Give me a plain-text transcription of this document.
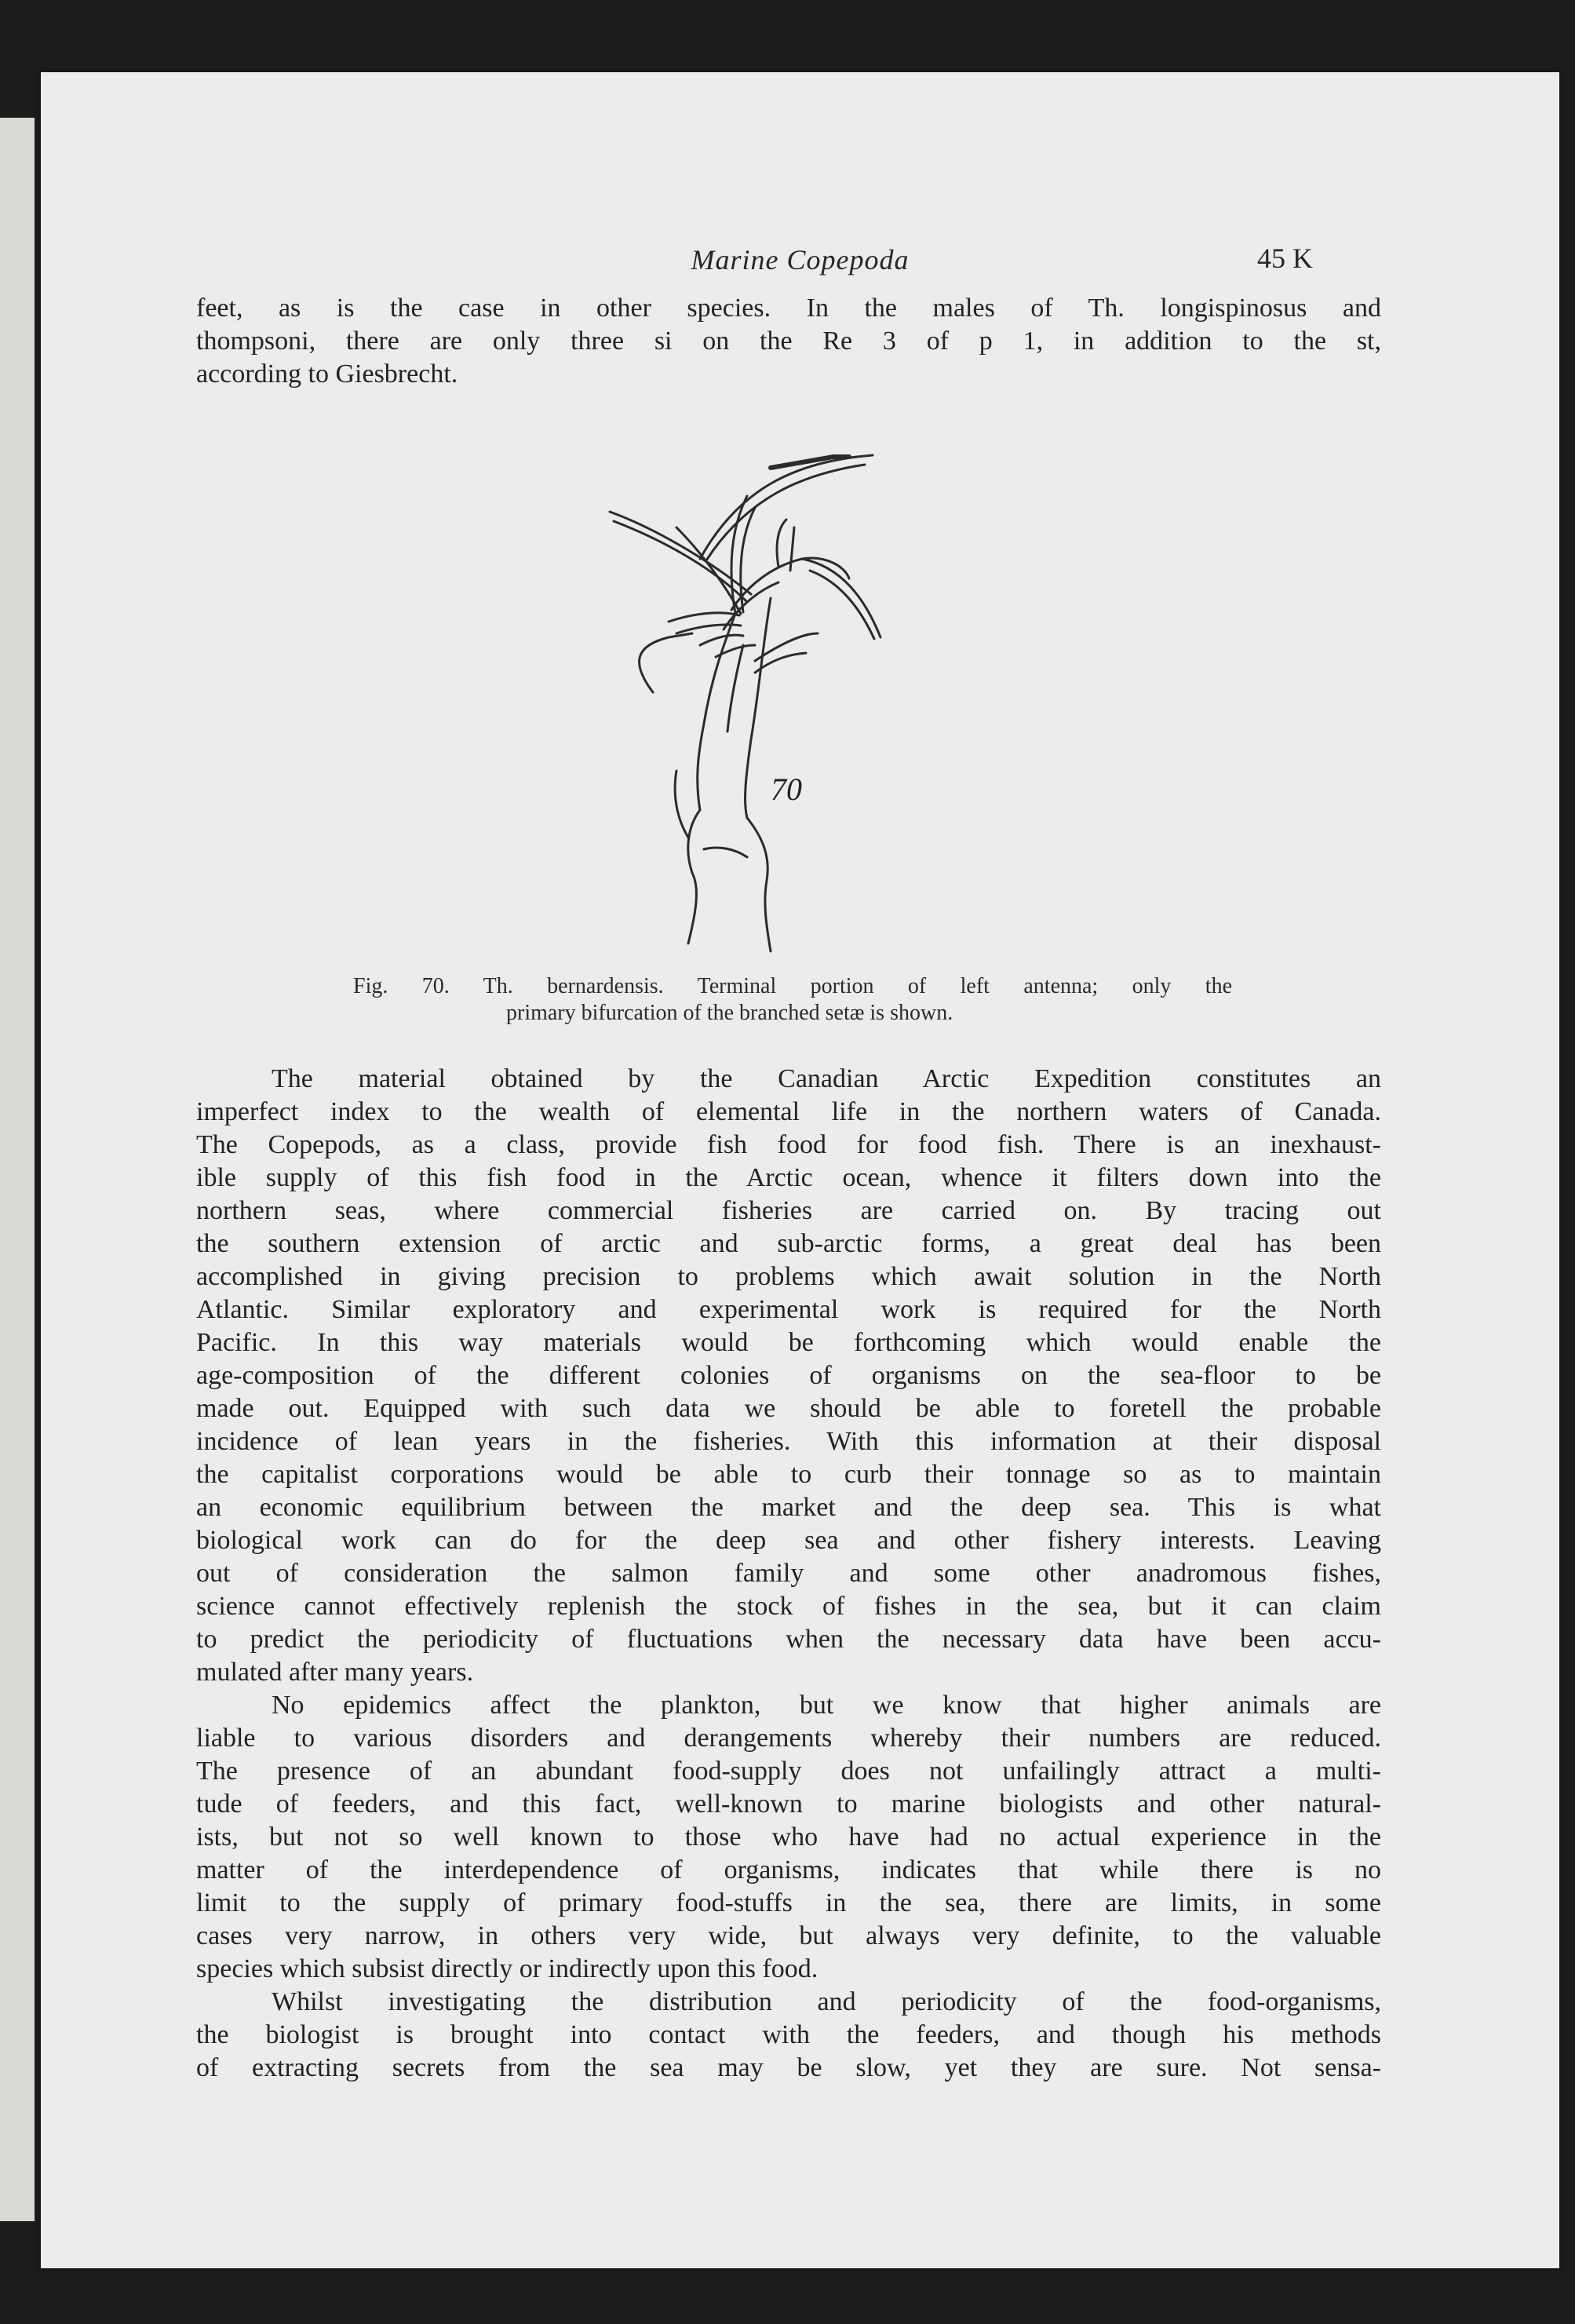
Marine Copepoda	45 K
feet, as is the case in other species. In the males of Th. longispinosus and
thompsoni, there are only three si on the Re 3 of p 1, in addition to the st,
according to Giesbrecht.
70
Fig. 70. Th. bernardensis. Terminal portion of left antenna; only the
primary bifurcation of the branched setæ is shown.
The material obtained by the Canadian Arctic Expedition constitutes an
imperfect index to the wealth of elemental life in the northern waters of Canada.
The Copepods, as a class, provide fish food for food fish. There is an inexhaust-
ible supply of this fish food in the Arctic ocean, whence it filters down into the
northern seas, where commercial fisheries are carried on. By tracing out
the southern extension of arctic and sub-arctic forms, a great deal has been
accomplished in giving precision to problems which await solution in the North
Atlantic. Similar exploratory and experimental work is required for the North
Pacific. In this way materials would be forthcoming which would enable the
age-composition of the different colonies of organisms on the sea-floor to be
made out. Equipped with such data we should be able to foretell the probable
incidence of lean years in the fisheries. With this information at their disposal
the capitalist corporations would be able to curb their tonnage so as to maintain
an economic equilibrium between the market and the deep sea. This is what
biological work can do for the deep sea and other fishery interests. Leaving
out of consideration the salmon family and some other anadromous fishes,
science cannot effectively replenish the stock of fishes in the sea, but it can claim
to predict the periodicity of fluctuations when the necessary data have been accu-
mulated after many years.
No epidemics affect the plankton, but we know that higher animals are
liable to various disorders and derangements whereby their numbers are reduced.
The presence of an abundant food-supply does not unfailingly attract a multi-
tude of feeders, and this fact, well-known to marine biologists and other natural-
ists, but not so well known to those who have had no actual experience in the
matter of the interdependence of organisms, indicates that while there is no
limit to the supply of primary food-stuffs in the sea, there are limits, in some
cases very narrow, in others very wide, but always very definite, to the valuable
species which subsist directly or indirectly upon this food.
Whilst investigating the distribution and periodicity of the food-organisms,
the biologist is brought into contact with the feeders, and though his methods
of extracting secrets from the sea may be slow, yet they are sure. Not sensa-
